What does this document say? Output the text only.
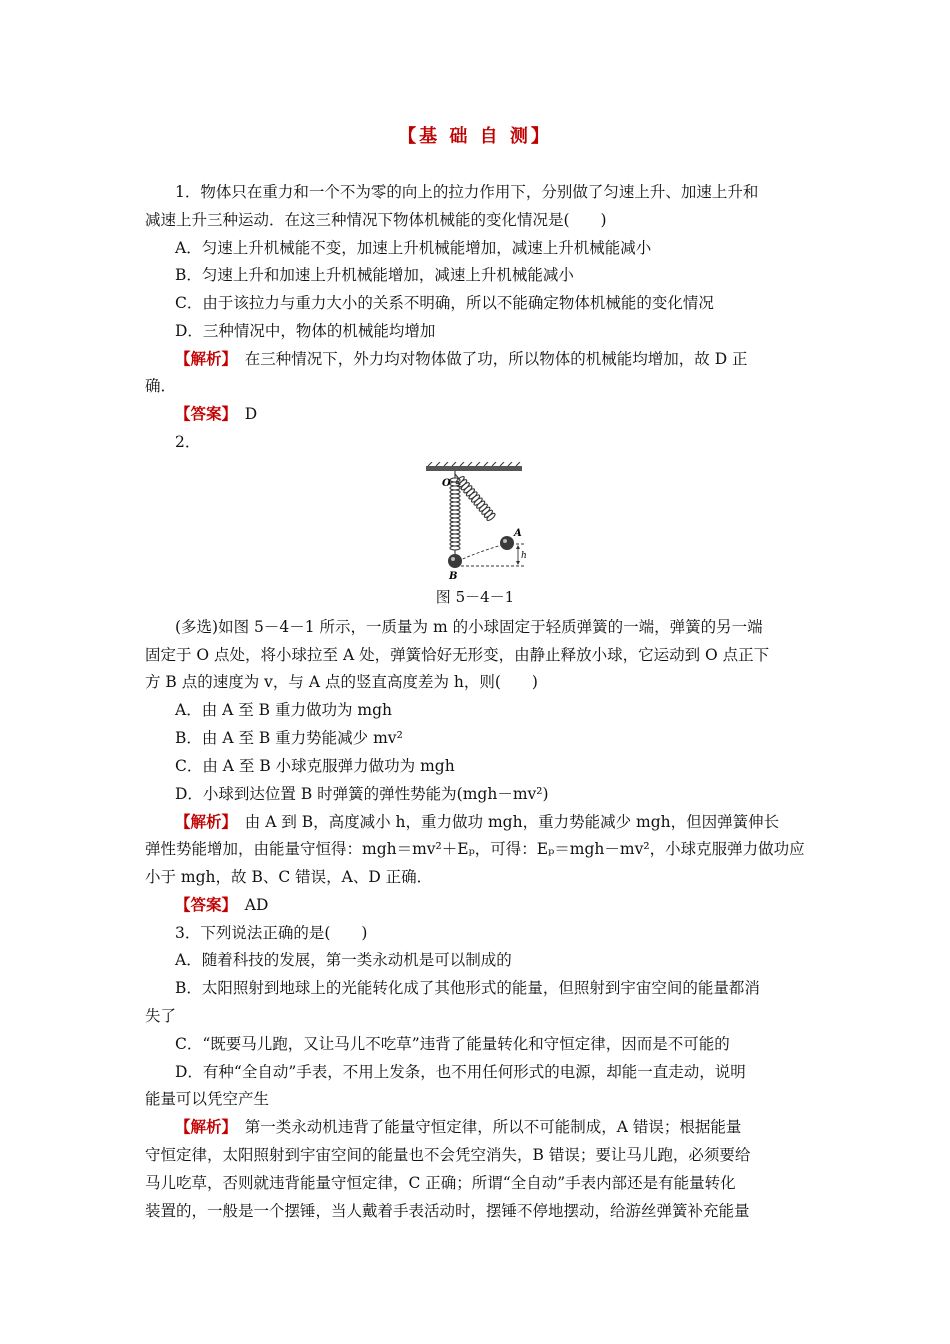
【基 础 自 测】
1．物体只在重力和一个不为零的向上的拉力作用下，分别做了匀速上升、加速上升和
减速上升三种运动．在这三种情况下物体机械能的变化情况是(　　)
A．匀速上升机械能不变，加速上升机械能增加，减速上升机械能减小
B．匀速上升和加速上升机械能增加，减速上升机械能减小
C．由于该拉力与重力大小的关系不明确，所以不能确定物体机械能的变化情况
D．三种情况中，物体的机械能均增加
【解析】　在三种情况下，外力均对物体做了功，所以物体的机械能均增加，故 D 正
确．
【答案】　D
2．
O
A
B
h
图 5－4－1
(多选)如图 5－4－1 所示，一质量为 m 的小球固定于轻质弹簧的一端，弹簧的另一端
固定于 O 点处，将小球拉至 A 处，弹簧恰好无形变，由静止释放小球，它运动到 O 点正下
方 B 点的速度为 v，与 A 点的竖直高度差为 h，则(　　)
A．由 A 至 B 重力做功为 mgh
B．由 A 至 B 重力势能减少 mv²
C．由 A 至 B 小球克服弹力做功为 mgh
D．小球到达位置 B 时弹簧的弹性势能为(mgh－mv²)
【解析】　由 A 到 B，高度减小 h，重力做功 mgh，重力势能减少 mgh，但因弹簧伸长
弹性势能增加，由能量守恒得：mgh＝mv²＋Eₚ，可得：Eₚ＝mgh－mv²，小球克服弹力做功应
小于 mgh，故 B、C 错误，A、D 正确．
【答案】　AD
3．下列说法正确的是(　　)
A．随着科技的发展，第一类永动机是可以制成的
B．太阳照射到地球上的光能转化成了其他形式的能量，但照射到宇宙空间的能量都消
失了
C．“既要马儿跑，又让马儿不吃草”违背了能量转化和守恒定律，因而是不可能的
D．有种“全自动”手表，不用上发条，也不用任何形式的电源，却能一直走动，说明
能量可以凭空产生
【解析】　第一类永动机违背了能量守恒定律，所以不可能制成，A 错误；根据能量
守恒定律，太阳照射到宇宙空间的能量也不会凭空消失，B 错误；要让马儿跑，必须要给
马儿吃草，否则就违背能量守恒定律，C 正确；所谓“全自动”手表内部还是有能量转化
装置的，一般是一个摆锤，当人戴着手表活动时，摆锤不停地摆动，给游丝弹簧补充能量
